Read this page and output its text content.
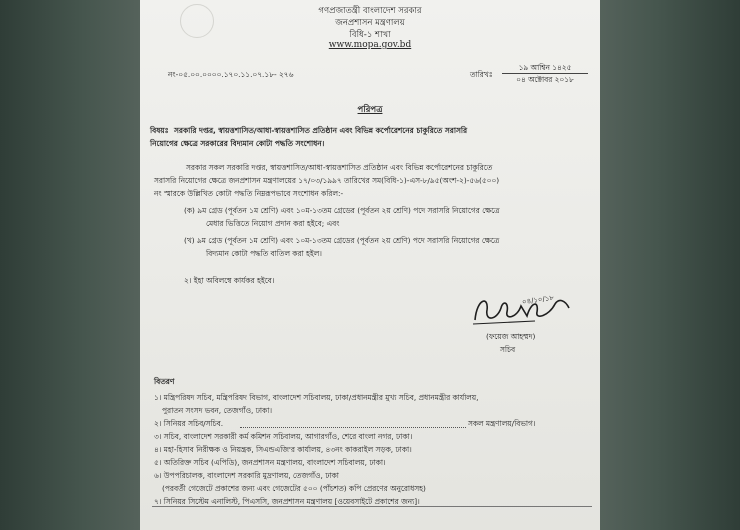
গণপ্রজাতন্ত্রী বাংলাদেশ সরকার
জনপ্রশাসন মন্ত্রণালয়
বিধি-১ শাখা
www.mopa.gov.bd
নং-০৫.০০.০০০০.১৭০.১১.০৭.১৮- ২৭৬	তারিখঃ
১৯ আশ্বিন ১৪২৫
০৪ অক্টোবর ২০১৮
পরিপত্র
বিষয়ঃ সরকারি দপ্তর, স্বায়ত্তশাসিত/আধা-স্বায়ত্তশাসিত প্রতিষ্ঠান এবং বিভিন্ন কর্পোরেশনের চাকুরিতে সরাসরি
নিয়োগের ক্ষেত্রে সরকারের বিদ্যমান কোটা পদ্ধতি সংশোধন।
সরকার সকল সরকারি দপ্তর, স্বায়ত্তশাসিত/আধা-স্বায়ত্তশাসিত প্রতিষ্ঠান এবং বিভিন্ন কর্পোরেশনের চাকুরিতে
সরাসরি নিয়োগের ক্ষেত্রে জনপ্রশাসন মন্ত্রণালয়ের ১৭/০৩/১৯৯৭ তারিখের সম(বিধি-১)-এস-৮/৯৫(অংশ-২)-৫৬(৫০০)
নং স্মারকে উল্লিখিত কোটা পদ্ধতি নিম্নরূপভাবে সংশোধন করিল:-
(ক) ৯ম গ্রেড (পূর্বতন ১ম শ্রেণি) এবং ১০ম-১৩তম গ্রেডের (পূর্বতন ২য় শ্রেণি) পদে সরাসরি নিয়োগের ক্ষেত্রে
মেধার ভিত্তিতে নিয়োগ প্রদান করা হইবে; এবং
(খ) ৯ম গ্রেড (পূর্বতন ১ম শ্রেণি) এবং ১০ম-১৩তম গ্রেডের (পূর্বতন ২য় শ্রেণি) পদে সরাসরি নিয়োগের ক্ষেত্রে
বিদ্যমান কোটা পদ্ধতি বাতিল করা হইল।
২। ইহা অবিলম্বে কার্যকর হইবে।
০৪/১০/১৮
(ফয়েজ আহম্মদ)
সচিব
বিতরণ
১। মন্ত্রিপরিষদ সচিব, মন্ত্রিপরিষদ বিভাগ, বাংলাদেশ সচিবালয়, ঢাকা/প্রধানমন্ত্রীর মুখ্য সচিব, প্রধানমন্ত্রীর কার্যালয়,
পুরাতন সংসদ ভবন, তেজগাঁও, ঢাকা।
২। সিনিয়র সচিব/সচিব.	সকল মন্ত্রণালয়/বিভাগ।
৩। সচিব, বাংলাদেশ সরকারী কর্ম কমিশন সচিবালয়, আগারগাঁও, শেরে বাংলা নগর, ঢাকা।
৪। মহা-হিসাব নিরীক্ষক ও নিয়ন্ত্রক, সিএন্ডএজি'র কার্যালয়, ৪৩নং কাকরাইল সড়ক, ঢাকা।
৫। অতিরিক্ত সচিব (এপিডি), জনপ্রশাসন মন্ত্রণালয়, বাংলাদেশ সচিবালয়, ঢাকা।
৬। উপপরিচালক, বাংলাদেশ সরকারি মুদ্রণালয়, তেজগাঁও, ঢাকা
(পরবর্তী গেজেটে প্রকাশের জন্য এবং গেজেটের ৫০০ (পাঁচশত) কপি প্রেরণের অনুরোধসহ)
৭। সিনিয়র সিস্টেম এনালিস্ট, পিএসসি, জনপ্রশাসন মন্ত্রণালয় [ওয়েবসাইটে প্রকাশের জন্য]।
